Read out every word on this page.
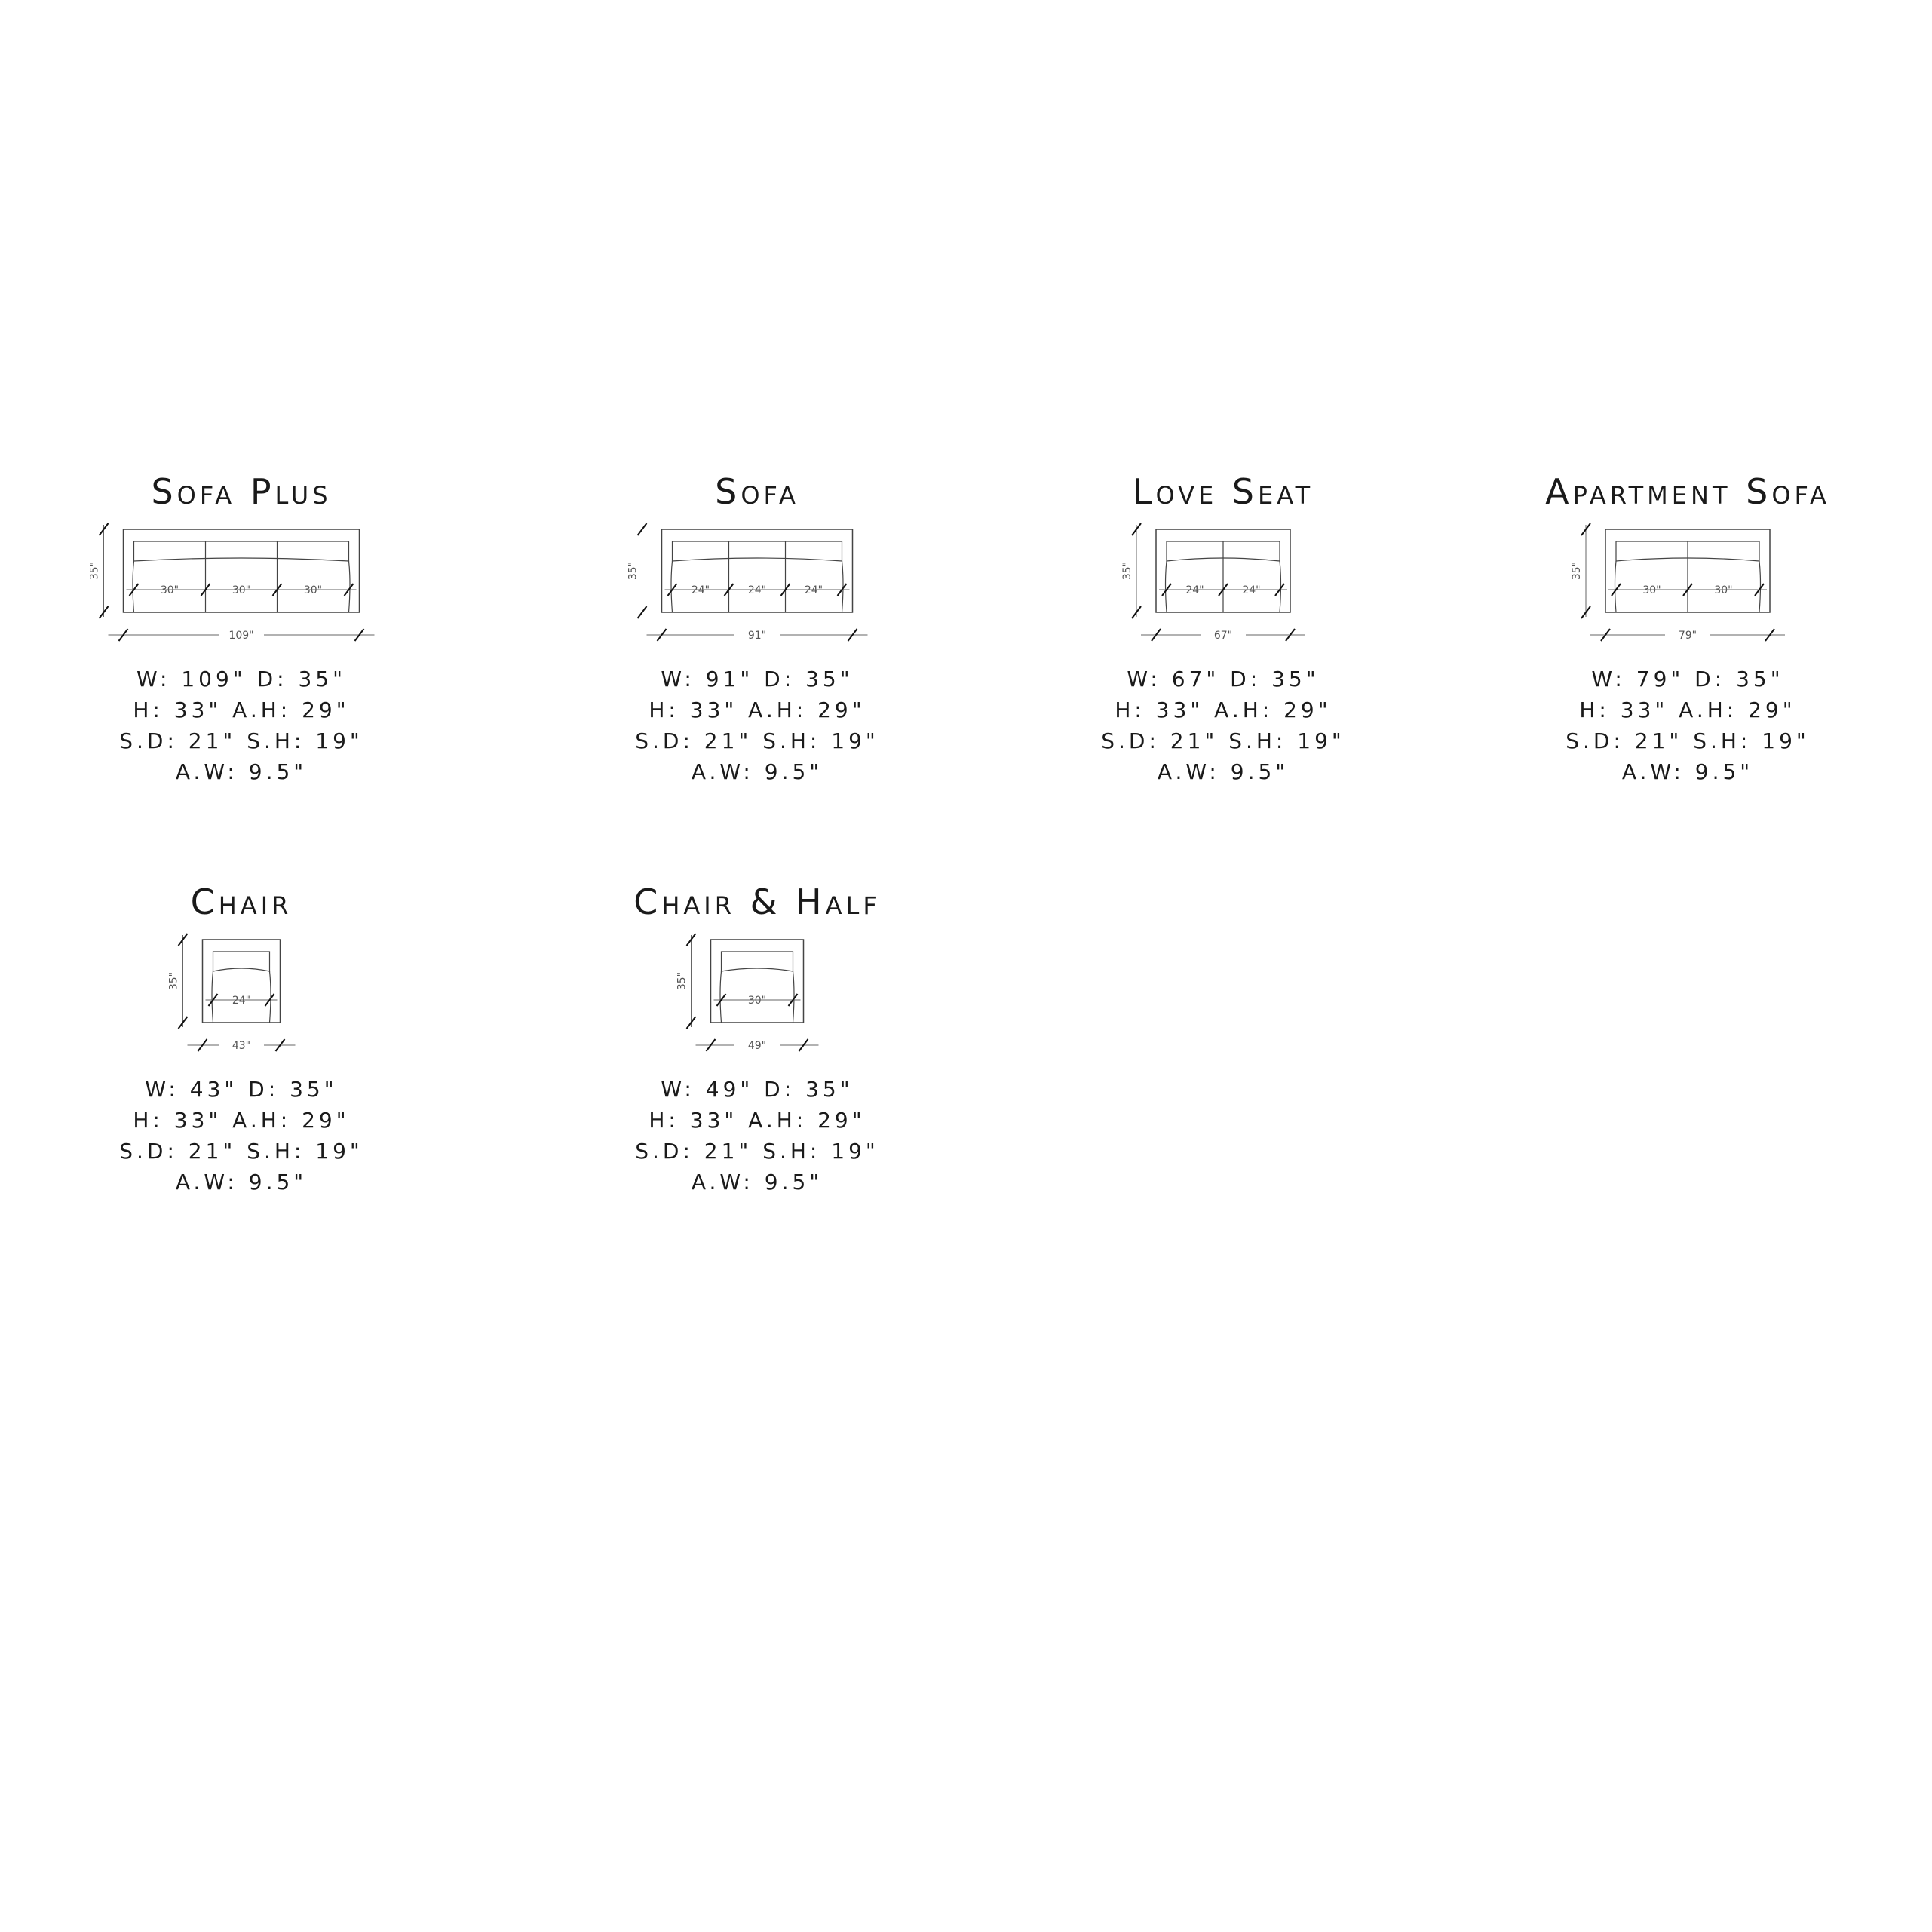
Sofa Plus
30"	30"	30"
35"
109"
W: 109" D: 35"
H: 33" A.H: 29"
S.D: 21" S.H: 19"
A.W: 9.5"
Sofa
24"	24"	24"
35"
91"
W: 91" D: 35"
H: 33" A.H: 29"
S.D: 21" S.H: 19"
A.W: 9.5"
Love Seat
24"	24"
35"
67"
W: 67" D: 35"
H: 33" A.H: 29"
S.D: 21" S.H: 19"
A.W: 9.5"
Apartment Sofa
30"	30"
35"
79"
W: 79" D: 35"
H: 33" A.H: 29"
S.D: 21" S.H: 19"
A.W: 9.5"
Chair
24"
35"
43"
W: 43" D: 35"
H: 33" A.H: 29"
S.D: 21" S.H: 19"
A.W: 9.5"
Chair & Half
30"
35"
49"
W: 49" D: 35"
H: 33" A.H: 29"
S.D: 21" S.H: 19"
A.W: 9.5"
